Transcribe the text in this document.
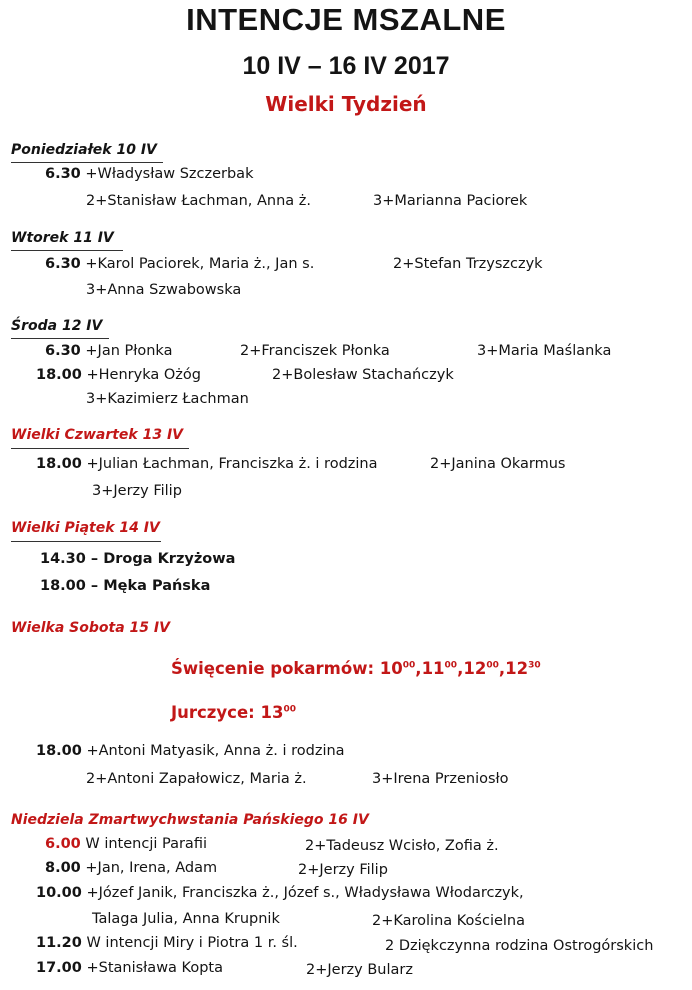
INTENCJE MSZALNE
10 IV – 16 IV 2017
Wielki Tydzień
Poniedziałek 10 IV
6.30 +Władysław Szczerbak
2+Stanisław Łachman, Anna ż.	3+Marianna Paciorek
Wtorek 11 IV
6.30 +Karol Paciorek, Maria ż., Jan s.	2+Stefan Trzyszczyk
3+Anna Szwabowska
Środa 12 IV
6.30 +Jan Płonka	2+Franciszek Płonka	3+Maria Maślanka
18.00 +Henryka Ożóg	2+Bolesław Stachańczyk
3+Kazimierz Łachman
Wielki Czwartek 13 IV
18.00 +Julian Łachman, Franciszka ż. i rodzina	2+Janina Okarmus
3+Jerzy Filip
Wielki Piątek 14 IV
14.30 – Droga Krzyżowa
18.00 – Męka Pańska
Wielka Sobota 15 IV
Święcenie pokarmów: $10^{00},11^{00},12^{00},12^{30}$
Jurczyce: $13^{00}$
18.00 +Antoni Matyasik, Anna ż. i rodzina
2+Antoni Zapałowicz, Maria ż.	3+Irena Przeniosło
Niedziela Zmartwychwstania Pańskiego 16 IV
6.00 W intencji Parafii	2+Tadeusz Wcisło, Zofia ż.
8.00 +Jan, Irena, Adam	2+Jerzy Filip
10.00 +Józef Janik, Franciszka ż., Józef s., Władysława Włodarczyk,
Talaga Julia, Anna Krupnik	2+Karolina Kościelna
11.20 W intencji Miry i Piotra 1 r. śl.	2 Dziękczynna rodzina Ostrogórskich
17.00 +Stanisława Kopta	2+Jerzy Bularz
